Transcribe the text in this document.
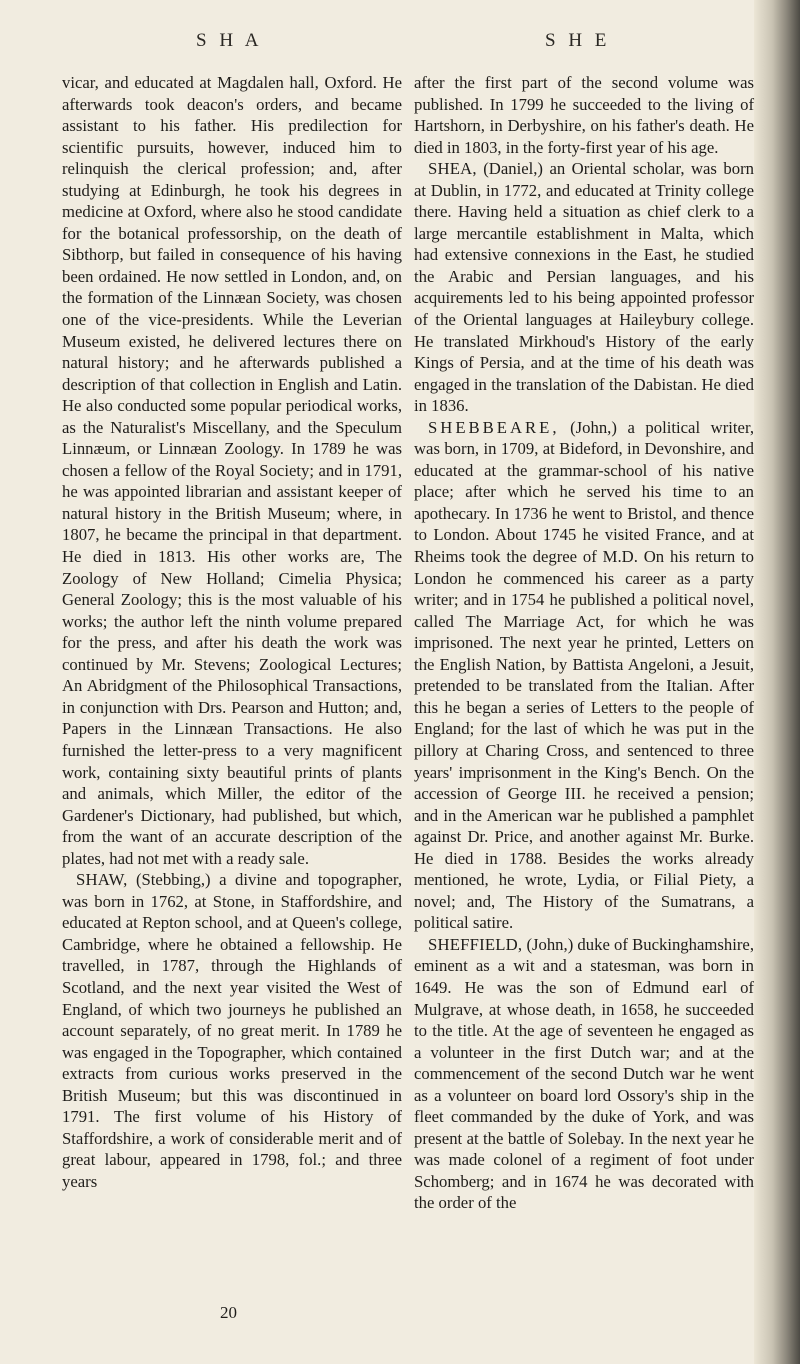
S H A	S H E

vicar, and educated at Magdalen hall, Oxford. He afterwards took deacon's orders, and became assistant to his father. His predilection for scientific pursuits, however, induced him to relinquish the clerical profession; and, after studying at Edinburgh, he took his degrees in medicine at Oxford, where also he stood candidate for the botanical professorship, on the death of Sibthorp, but failed in consequence of his having been ordained. He now settled in London, and, on the formation of the Linnæan Society, was chosen one of the vice-presidents. While the Leverian Museum existed, he delivered lectures there on natural history; and he afterwards published a description of that collection in English and Latin. He also conducted some popular periodical works, as the Naturalist's Miscellany, and the Speculum Linnæum, or Linnæan Zoology. In 1789 he was chosen a fellow of the Royal Society; and in 1791, he was appointed librarian and assistant keeper of natural history in the British Museum; where, in 1807, he became the principal in that department. He died in 1813. His other works are, The Zoology of New Holland; Cimelia Physica; General Zoology; this is the most valuable of his works; the author left the ninth volume prepared for the press, and after his death the work was continued by Mr. Stevens; Zoological Lectures; An Abridgment of the Philosophical Transactions, in conjunction with Drs. Pearson and Hutton; and, Papers in the Linnæan Transactions. He also furnished the letter-press to a very magnificent work, containing sixty beautiful prints of plants and animals, which Miller, the editor of the Gardener's Dictionary, had published, but which, from the want of an accurate description of the plates, had not met with a ready sale.

SHAW, (Stebbing,) a divine and topographer, was born in 1762, at Stone, in Staffordshire, and educated at Repton school, and at Queen's college, Cambridge, where he obtained a fellowship. He travelled, in 1787, through the Highlands of Scotland, and the next year visited the West of England, of which two journeys he published an account separately, of no great merit. In 1789 he was engaged in the Topographer, which contained extracts from curious works preserved in the British Museum; but this was discontinued in 1791. The first volume of his History of Staffordshire, a work of considerable merit and of great labour, appeared in 1798, fol.; and three years

after the first part of the second volume was published. In 1799 he succeeded to the living of Hartshorn, in Derbyshire, on his father's death. He died in 1803, in the forty-first year of his age.

SHEA, (Daniel,) an Oriental scholar, was born at Dublin, in 1772, and educated at Trinity college there. Having held a situation as chief clerk to a large mercantile establishment in Malta, which had extensive connexions in the East, he studied the Arabic and Persian languages, and his acquirements led to his being appointed professor of the Oriental languages at Haileybury college. He translated Mirkhoud's History of the early Kings of Persia, and at the time of his death was engaged in the translation of the Dabistan. He died in 1836.

SHEBBEARE, (John,) a political writer, was born, in 1709, at Bideford, in Devonshire, and educated at the grammar-school of his native place; after which he served his time to an apothecary. In 1736 he went to Bristol, and thence to London. About 1745 he visited France, and at Rheims took the degree of M.D. On his return to London he commenced his career as a party writer; and in 1754 he published a political novel, called The Marriage Act, for which he was imprisoned. The next year he printed, Letters on the English Nation, by Battista Angeloni, a Jesuit, pretended to be translated from the Italian. After this he began a series of Letters to the people of England; for the last of which he was put in the pillory at Charing Cross, and sentenced to three years' imprisonment in the King's Bench. On the accession of George III. he received a pension; and in the American war he published a pamphlet against Dr. Price, and another against Mr. Burke. He died in 1788. Besides the works already mentioned, he wrote, Lydia, or Filial Piety, a novel; and, The History of the Sumatrans, a political satire.

SHEFFIELD, (John,) duke of Buckinghamshire, eminent as a wit and a statesman, was born in 1649. He was the son of Edmund earl of Mulgrave, at whose death, in 1658, he succeeded to the title. At the age of seventeen he engaged as a volunteer in the first Dutch war; and at the commencement of the second Dutch war he went as a volunteer on board lord Ossory's ship in the fleet commanded by the duke of York, and was present at the battle of Solebay. In the next year he was made colonel of a regiment of foot under Schomberg; and in 1674 he was decorated with the order of the

20
